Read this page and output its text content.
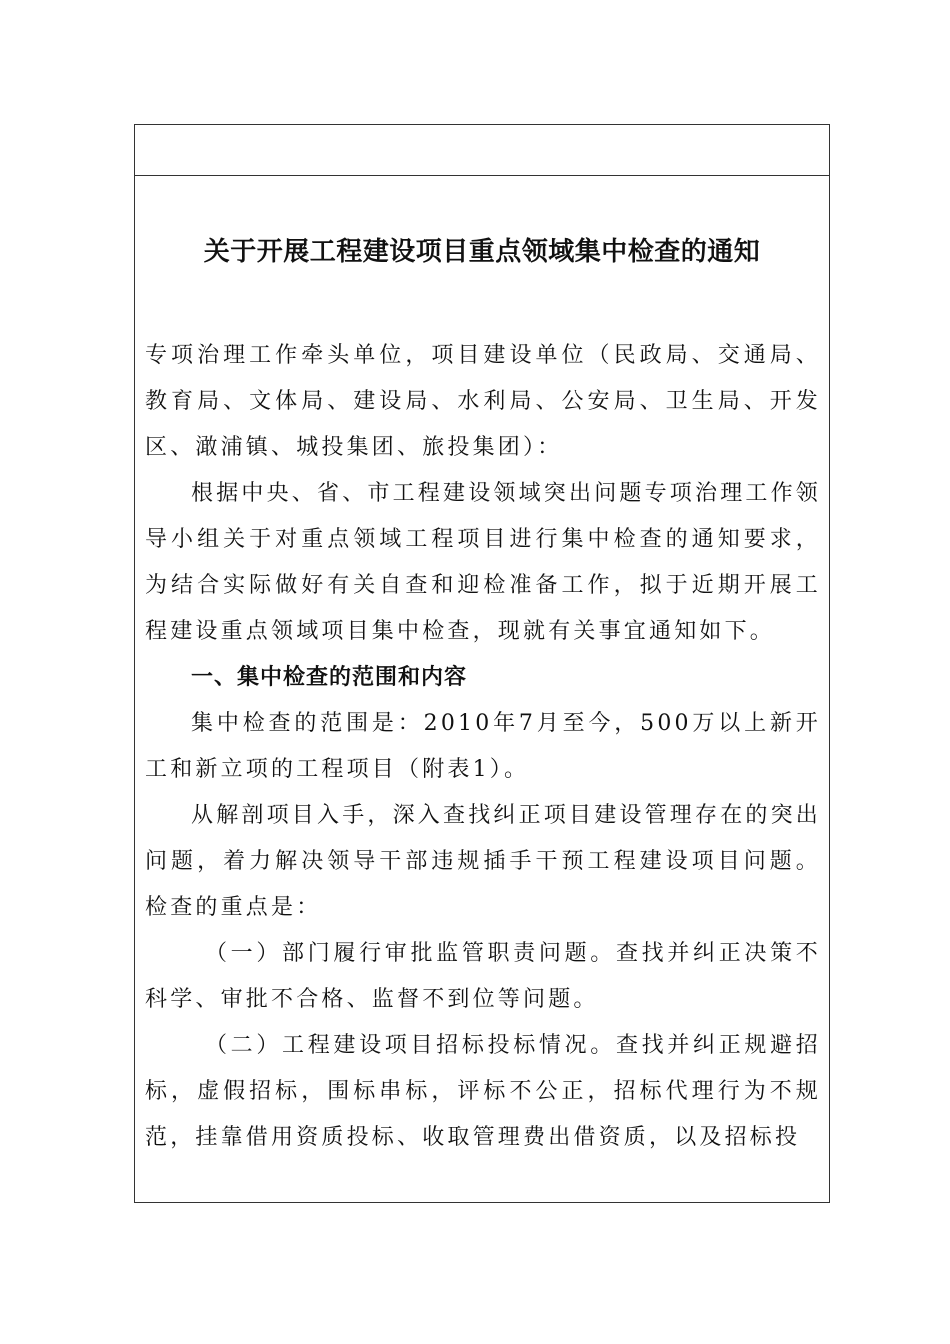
关于开展工程建设项目重点领域集中检查的通知

专项治理工作牵头单位，项目建设单位（民政局、交通局、教育局、文体局、建设局、水利局、公安局、卫生局、开发区、澉浦镇、城投集团、旅投集团）：

根据中央、省、市工程建设领域突出问题专项治理工作领导小组关于对重点领域工程项目进行集中检查的通知要求，为结合实际做好有关自查和迎检准备工作，拟于近期开展工程建设重点领域项目集中检查，现就有关事宜通知如下。

一、集中检查的范围和内容

集中检查的范围是：2010年7月至今，500万以上新开工和新立项的工程项目（附表1）。

从解剖项目入手，深入查找纠正项目建设管理存在的突出问题，着力解决领导干部违规插手干预工程建设项目问题。检查的重点是：

（一）部门履行审批监管职责问题。查找并纠正决策不科学、审批不合格、监督不到位等问题。

（二）工程建设项目招标投标情况。查找并纠正规避招标，虚假招标，围标串标，评标不公正，招标代理行为不规范，挂靠借用资质投标、收取管理费出借资质，以及招标投
